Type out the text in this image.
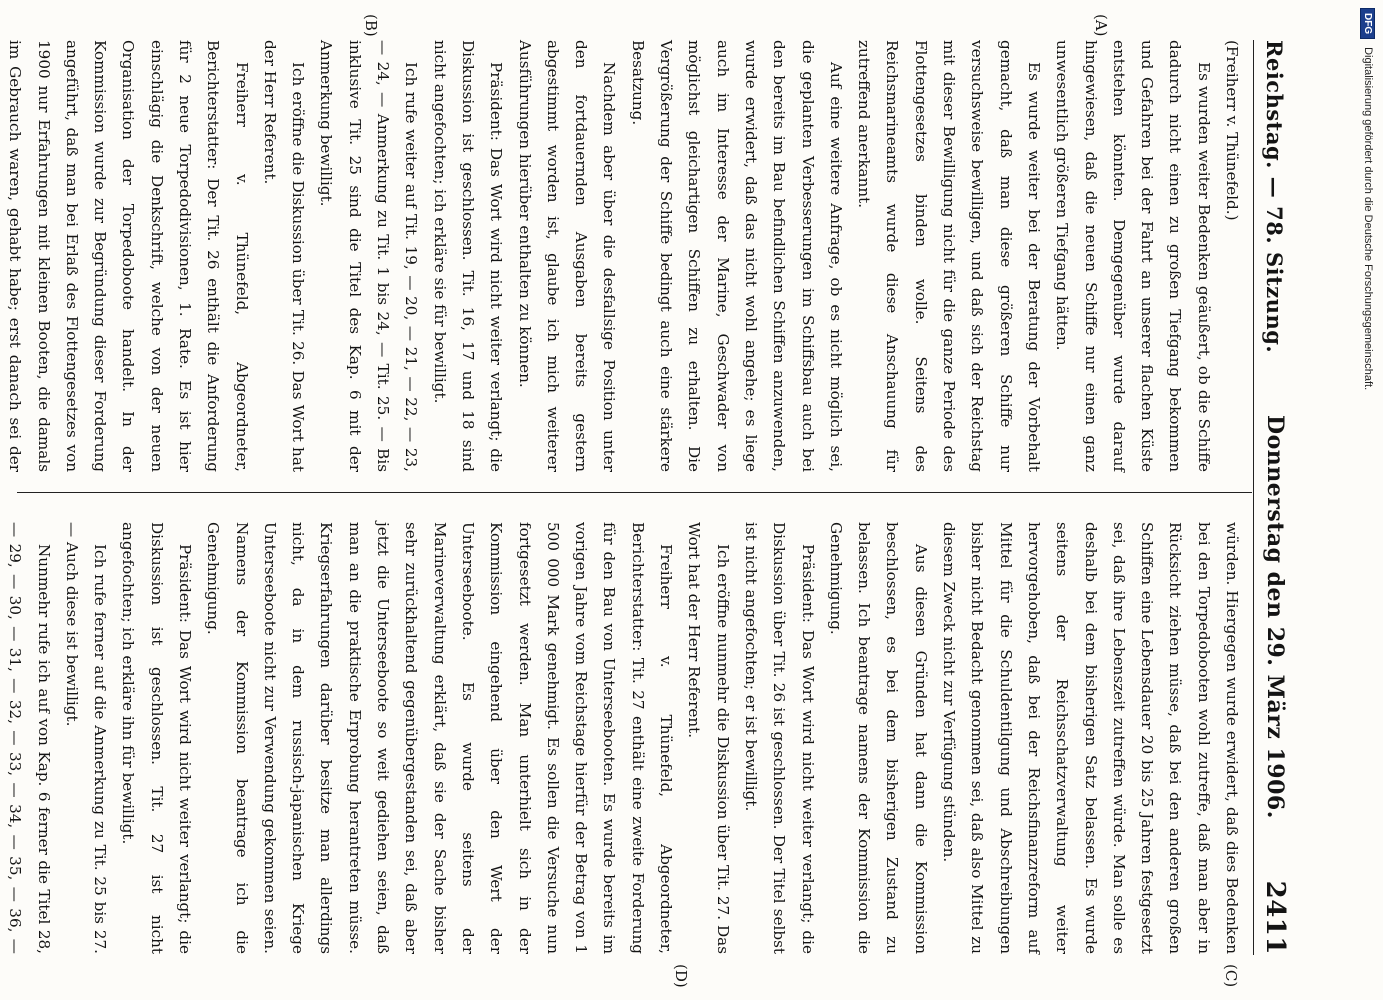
Reichstag. — 78. Sitzung.
Donnerstag den 29. März 1906.
2411
(A)
(B)
(C)
(D)

(Freiherr v. Thünefeld.)

Es wurden weiter Bedenken geäußert, ob die Schiffe dadurch nicht einen zu großen Tiefgang bekommen und Gefahren bei der Fahrt an unserer flachen Küste entstehen könnten. Demgegenüber wurde darauf hingewiesen, daß die neuen Schiffe nur einen ganz unwesentlich größeren Tiefgang hätten.

Es wurde weiter bei der Beratung der Vorbehalt gemacht, daß man diese größeren Schiffe nur versuchsweise bewilligen, und daß sich der Reichstag mit dieser Bewilligung nicht für die ganze Periode des Flottengesetzes binden wolle. Seitens des Reichsmarineamts wurde diese Anschauung für zutreffend anerkannt.

Auf eine weitere Anfrage, ob es nicht möglich sei, die geplanten Verbesserungen im Schiffsbau auch bei den bereits im Bau befindlichen Schiffen anzuwenden, wurde erwidert, daß das nicht wohl angehe; es liege auch im Interesse der Marine, Geschwader von möglichst gleichartigen Schiffen zu erhalten. Die Vergrößerung der Schiffe bedingt auch eine stärkere Besatzung.

Nachdem aber über die desfallsige Position unter den fortdauernden Ausgaben bereits gestern abgestimmt worden ist, glaube ich mich weiterer Ausführungen hierüber enthalten zu können.

Präsident: Das Wort wird nicht weiter verlangt; die Diskussion ist geschlossen. Tit. 16, 17 und 18 sind nicht angefochten; ich erkläre sie für bewilligt.

Ich rufe weiter auf Tit. 19, — 20, — 21, — 22, — 23, — 24, — Anmerkung zu Tit. 1 bis 24, — Tit. 25. — Bis inklusive Tit. 25 sind die Titel des Kap. 6 mit der Anmerkung bewilligt.

Ich eröffne die Diskussion über Tit. 26. Das Wort hat der Herr Referent.

Freiherr v. Thünefeld, Abgeordneter, Berichterstatter: Der Tit. 26 enthält die Anforderung für 2 neue Torpedodivisionen, 1. Rate. Es ist hier einschlägig die Denkschrift, welche von der neuen Organisation der Torpedoboote handelt. In der Kommission wurde zur Begründung dieser Forderung angeführt, daß man bei Erlaß des Flottengesetzes von 1900 nur Erfahrungen mit kleinen Booten, die damals im Gebrauch waren, gehabt habe; erst danach sei der

würden. Hiergegen wurde erwidert, daß dies Bedenken bei den Torpedobooten wohl zutreffe, daß man aber in Rücksicht ziehen müsse, daß bei den anderen großen Schiffen eine Lebensdauer 20 bis 25 Jahren festgesetzt sei, daß ihre Lebenszeit zutreffen würde. Man solle es deshalb bei dem bisherigen Satz belassen. Es wurde seitens der Reichsschatzverwaltung weiter hervorgehoben, daß bei der Reichsfinanzreform auf Mittel für die Schuldentilgung und Abschreibungen bisher nicht Bedacht genommen sei, daß also Mittel zu diesem Zweck nicht zur Verfügung stünden.

Aus diesen Gründen hat dann die Kommission beschlossen, es bei dem bisherigen Zustand zu belassen. Ich beantrage namens der Kommission die Genehmigung.

Präsident: Das Wort wird nicht weiter verlangt; die Diskussion über Tit. 26 ist geschlossen. Der Titel selbst ist nicht angefochten; er ist bewilligt.

Ich eröffne nunmehr die Diskussion über Tit. 27. Das Wort hat der Herr Referent.

Freiherr v. Thünefeld, Abgeordneter, Berichterstatter: Tit. 27 enthält eine zweite Forderung für den Bau von Unterseebooten. Es wurde bereits im vorigen Jahre vom Reichstage hierfür der Betrag von 1 500 000 Mark genehmigt. Es sollen die Versuche nun fortgesetzt werden. Man unterhielt sich in der Kommission eingehend über den Wert der Unterseeboote. Es wurde seitens der Marineverwaltung erklärt, daß sie der Sache bisher sehr zurückhaltend gegenübergestanden sei, daß aber jetzt die Unterseeboote so weit gediehen seien, daß man an die praktische Erprobung herantreten müsse. Kriegserfahrungen darüber besitze man allerdings nicht, da in dem russisch-japanischen Kriege Unterseeboote nicht zur Verwendung gekommen seien. Namens der Kommission beantrage ich die Genehmigung.

Präsident: Das Wort wird nicht weiter verlangt; die Diskussion ist geschlossen. Tit. 27 ist nicht angefochten; ich erkläre ihn für bewilligt.

Ich rufe ferner auf die Anmerkung zu Tit. 25 bis 27. — Auch diese ist bewilligt.

Nunmehr rufe ich auf von Kap. 6 ferner die Titel 28, — 29, — 30, — 31, — 32, — 33, — 34, — 35, — 36, —

DFG
Digitalisierung gefördert durch die Deutsche Forschungsgemeinschaft.
